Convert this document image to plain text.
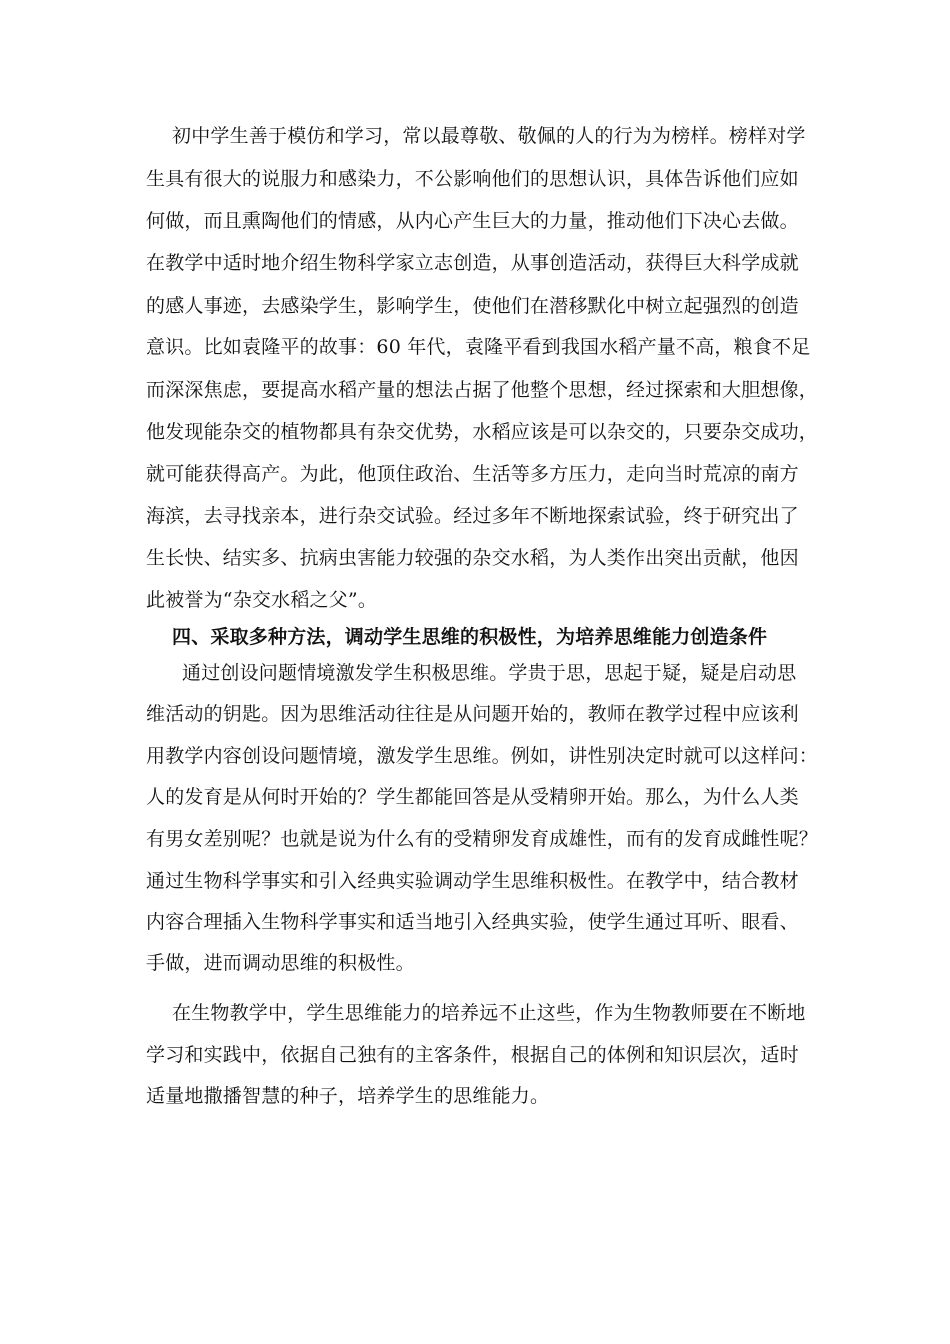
初中学生善于模仿和学习，常以最尊敬、敬佩的人的行为为榜样。榜样对学
生具有很大的说服力和感染力，不公影响他们的思想认识，具体告诉他们应如
何做，而且熏陶他们的情感，从内心产生巨大的力量，推动他们下决心去做。
在教学中适时地介绍生物科学家立志创造，从事创造活动，获得巨大科学成就
的感人事迹，去感染学生，影响学生，使他们在潜移默化中树立起强烈的创造
意识。比如袁隆平的故事：60 年代，袁隆平看到我国水稻产量不高，粮食不足
而深深焦虑，要提高水稻产量的想法占据了他整个思想，经过探索和大胆想像，
他发现能杂交的植物都具有杂交优势，水稻应该是可以杂交的，只要杂交成功，
就可能获得高产。为此，他顶住政治、生活等多方压力，走向当时荒凉的南方
海滨，去寻找亲本，进行杂交试验。经过多年不断地探索试验，终于研究出了
生长快、结实多、抗病虫害能力较强的杂交水稻，为人类作出突出贡献，他因
此被誉为“杂交水稻之父”。
四、采取多种方法，调动学生思维的积极性，为培养思维能力创造条件
通过创设问题情境激发学生积极思维。学贵于思，思起于疑，疑是启动思
维活动的钥匙。因为思维活动往往是从问题开始的，教师在教学过程中应该利
用教学内容创设问题情境，激发学生思维。例如，讲性别决定时就可以这样问：
人的发育是从何时开始的？学生都能回答是从受精卵开始。那么，为什么人类
有男女差别呢？也就是说为什么有的受精卵发育成雄性，而有的发育成雌性呢？
通过生物科学事实和引入经典实验调动学生思维积极性。在教学中，结合教材
内容合理插入生物科学事实和适当地引入经典实验，使学生通过耳听、眼看、
手做，进而调动思维的积极性。
在生物教学中，学生思维能力的培养远不止这些，作为生物教师要在不断地
学习和实践中，依据自己独有的主客条件，根据自己的体例和知识层次，适时
适量地撒播智慧的种子，培养学生的思维能力。
